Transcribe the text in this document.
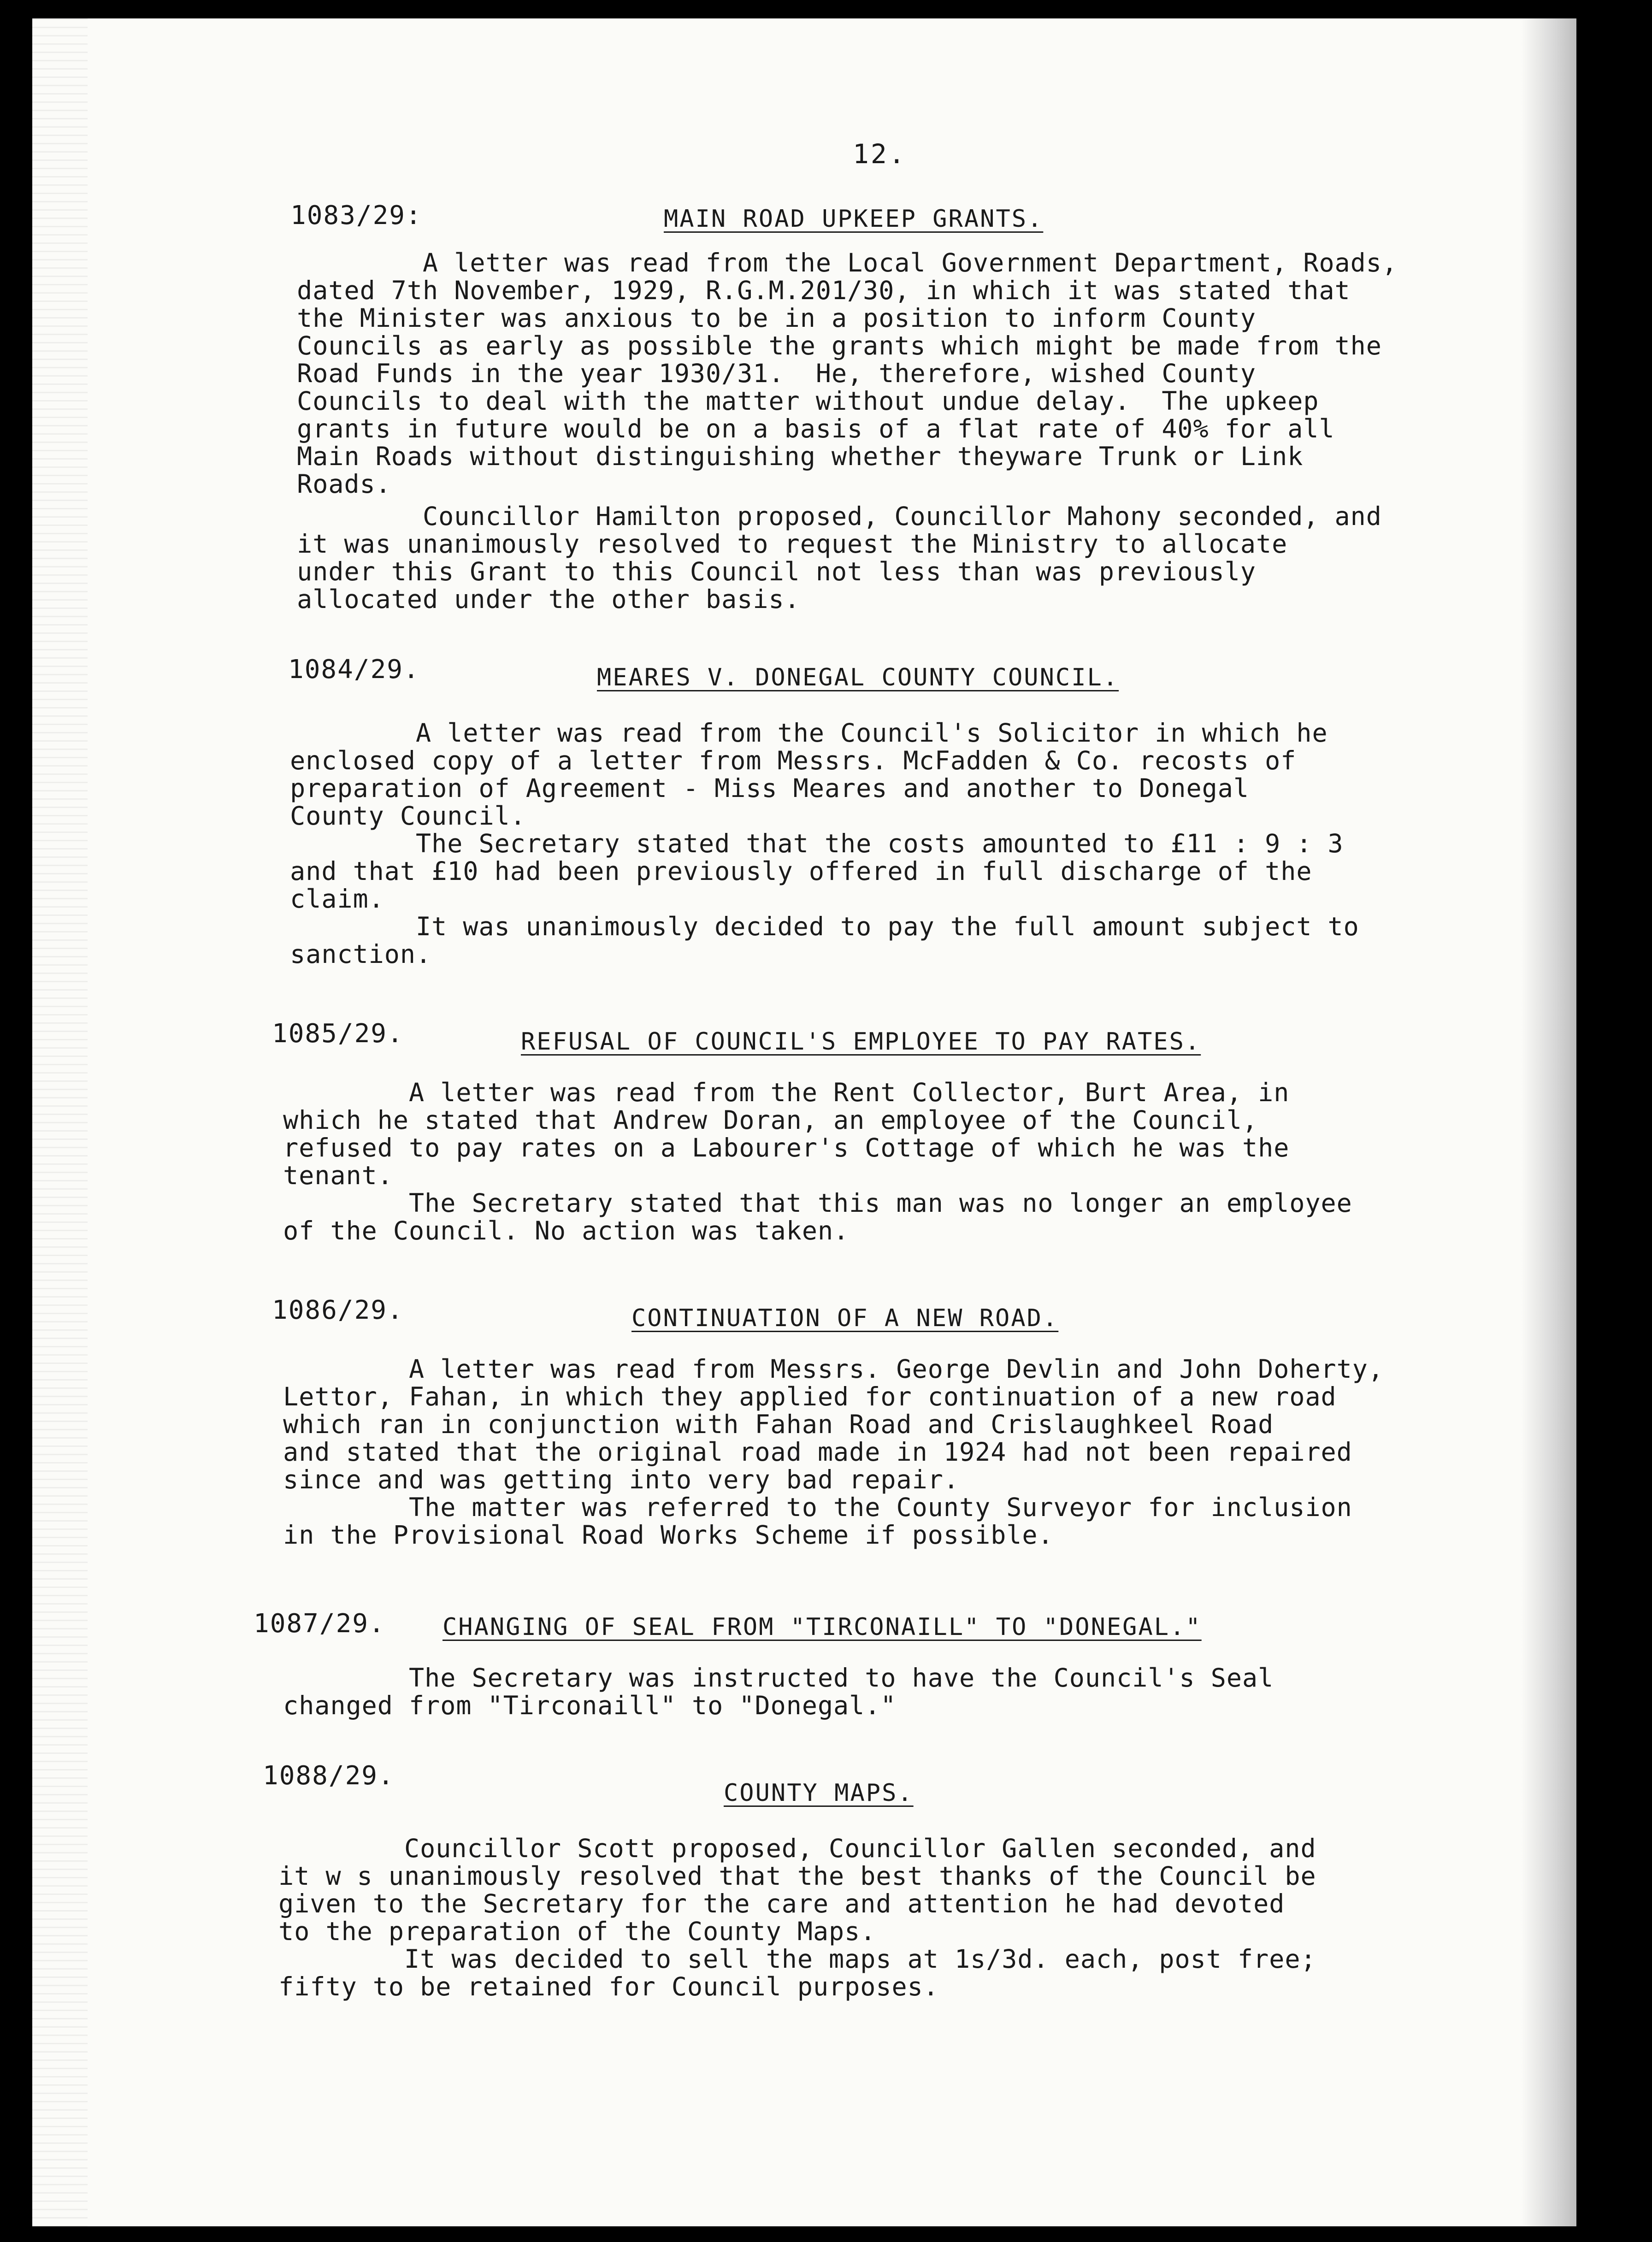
12.
1083/29:	MAIN ROAD UPKEEP GRANTS.
A letter was read from the Local Government Department, Roads,
dated 7th November, 1929, R.G.M.201/30, in which it was stated that
the Minister was anxious to be in a position to inform County
Councils as early as possible the grants which might be made from the
Road Funds in the year 1930/31.  He, therefore, wished County
Councils to deal with the matter without undue delay.  The upkeep
grants in future would be on a basis of a flat rate of 40% for all
Main Roads without distinguishing whether theyware Trunk or Link
Roads.
Councillor Hamilton proposed, Councillor Mahony seconded, and
it was unanimously resolved to request the Ministry to allocate
under this Grant to this Council not less than was previously
allocated under the other basis.
1084/29.	MEARES V. DONEGAL COUNTY COUNCIL.
A letter was read from the Council's Solicitor in which he
enclosed copy of a letter from Messrs. McFadden & Co. recosts of
preparation of Agreement - Miss Meares and another to Donegal
County Council.
The Secretary stated that the costs amounted to £11 : 9 : 3
and that £10 had been previously offered in full discharge of the
claim.
It was unanimously decided to pay the full amount subject to
sanction.
1085/29.	REFUSAL OF COUNCIL'S EMPLOYEE TO PAY RATES.
A letter was read from the Rent Collector, Burt Area, in
which he stated that Andrew Doran, an employee of the Council,
refused to pay rates on a Labourer's Cottage of which he was the
tenant.
The Secretary stated that this man was no longer an employee
of the Council. No action was taken.
1086/29.	CONTINUATION OF A NEW ROAD.
A letter was read from Messrs. George Devlin and John Doherty,
Lettor, Fahan, in which they applied for continuation of a new road
which ran in conjunction with Fahan Road and Crislaughkeel Road
and stated that the original road made in 1924 had not been repaired
since and was getting into very bad repair.
The matter was referred to the County Surveyor for inclusion
in the Provisional Road Works Scheme if possible.
1087/29. CHANGING OF SEAL FROM "TIRCONAILL" TO "DONEGAL."
The Secretary was instructed to have the Council's Seal
changed from "Tirconaill" to "Donegal."
1088/29.
COUNTY MAPS.
Councillor Scott proposed, Councillor Gallen seconded, and
it w s unanimously resolved that the best thanks of the Council be
given to the Secretary for the care and attention he had devoted
to the preparation of the County Maps.
It was decided to sell the maps at 1s/3d. each, post free;
fifty to be retained for Council purposes.
